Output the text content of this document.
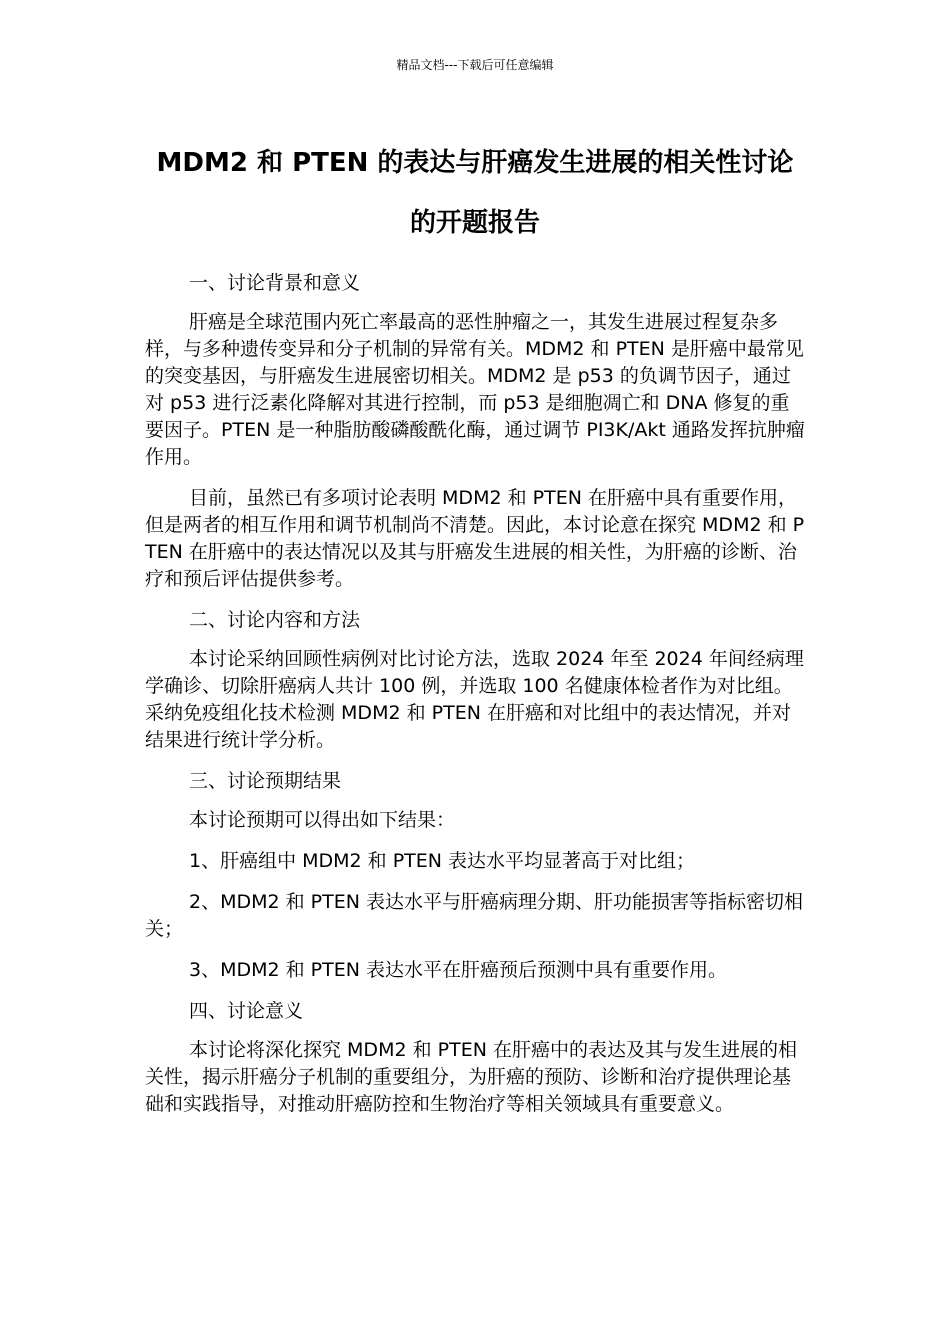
精品文档---下载后可任意编辑
MDM2 和 PTEN 的表达与肝癌发生进展的相关性讨论的开题报告

一、讨论背景和意义

肝癌是全球范围内死亡率最高的恶性肿瘤之一，其发生进展过程复杂多样，与多种遗传变异和分子机制的异常有关。MDM2 和 PTEN 是肝癌中最常见的突变基因，与肝癌发生进展密切相关。MDM2 是 p53 的负调节因子，通过对 p53 进行泛素化降解对其进行控制，而 p53 是细胞凋亡和 DNA 修复的重要因子。PTEN 是一种脂肪酸磷酸酰化酶，通过调节 PI3K/Akt 通路发挥抗肿瘤作用。

目前，虽然已有多项讨论表明 MDM2 和 PTEN 在肝癌中具有重要作用，但是两者的相互作用和调节机制尚不清楚。因此，本讨论意在探究 MDM2 和 PTEN 在肝癌中的表达情况以及其与肝癌发生进展的相关性，为肝癌的诊断、治疗和预后评估提供参考。

二、讨论内容和方法

本讨论采纳回顾性病例对比讨论方法，选取 2024 年至 2024 年间经病理学确诊、切除肝癌病人共计 100 例，并选取 100 名健康体检者作为对比组。采纳免疫组化技术检测 MDM2 和 PTEN 在肝癌和对比组中的表达情况，并对结果进行统计学分析。

三、讨论预期结果

本讨论预期可以得出如下结果：

1、肝癌组中 MDM2 和 PTEN 表达水平均显著高于对比组；

2、MDM2 和 PTEN 表达水平与肝癌病理分期、肝功能损害等指标密切相关；

3、MDM2 和 PTEN 表达水平在肝癌预后预测中具有重要作用。

四、讨论意义

本讨论将深化探究 MDM2 和 PTEN 在肝癌中的表达及其与发生进展的相关性，揭示肝癌分子机制的重要组分，为肝癌的预防、诊断和治疗提供理论基础和实践指导，对推动肝癌防控和生物治疗等相关领域具有重要意义。
